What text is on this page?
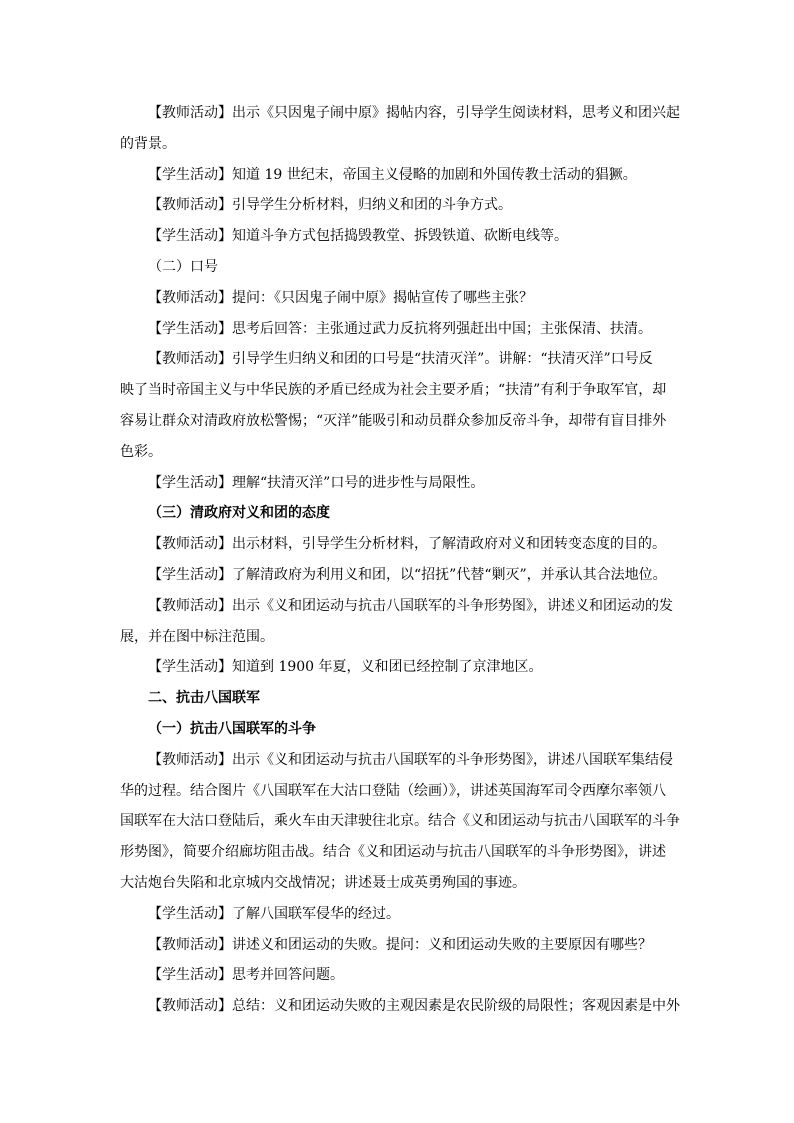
【教师活动】出示《只因鬼子闹中原》揭帖内容，引导学生阅读材料，思考义和团兴起
的背景。
【学生活动】知道 19 世纪末，帝国主义侵略的加剧和外国传教士活动的猖獗。
【教师活动】引导学生分析材料，归纳义和团的斗争方式。
【学生活动】知道斗争方式包括捣毁教堂、拆毁铁道、砍断电线等。
（二）口号
【教师活动】提问：《只因鬼子闹中原》揭帖宣传了哪些主张？
【学生活动】思考后回答：主张通过武力反抗将列强赶出中国；主张保清、扶清。
【教师活动】引导学生归纳义和团的口号是“扶清灭洋”。讲解：“扶清灭洋”口号反
映了当时帝国主义与中华民族的矛盾已经成为社会主要矛盾；“扶清”有利于争取军官，却
容易让群众对清政府放松警惕；“灭洋”能吸引和动员群众参加反帝斗争，却带有盲目排外
色彩。
【学生活动】理解“扶清灭洋”口号的进步性与局限性。
（三）清政府对义和团的态度
【教师活动】出示材料，引导学生分析材料，了解清政府对义和团转变态度的目的。
【学生活动】了解清政府为利用义和团，以“招抚”代替“剿灭”，并承认其合法地位。
【教师活动】出示《义和团运动与抗击八国联军的斗争形势图》，讲述义和团运动的发
展，并在图中标注范围。
【学生活动】知道到 1900 年夏，义和团已经控制了京津地区。
二、抗击八国联军
（一）抗击八国联军的斗争
【教师活动】出示《义和团运动与抗击八国联军的斗争形势图》，讲述八国联军集结侵
华的过程。结合图片《八国联军在大沽口登陆（绘画）》，讲述英国海军司令西摩尔率领八
国联军在大沽口登陆后，乘火车由天津驶往北京。结合《义和团运动与抗击八国联军的斗争
形势图》，简要介绍廊坊阻击战。结合《义和团运动与抗击八国联军的斗争形势图》，讲述
大沽炮台失陷和北京城内交战情况；讲述聂士成英勇殉国的事迹。
【学生活动】了解八国联军侵华的经过。
【教师活动】讲述义和团运动的失败。提问：义和团运动失败的主要原因有哪些？
【学生活动】思考并回答问题。
【教师活动】总结：义和团运动失败的主观因素是农民阶级的局限性；客观因素是中外
